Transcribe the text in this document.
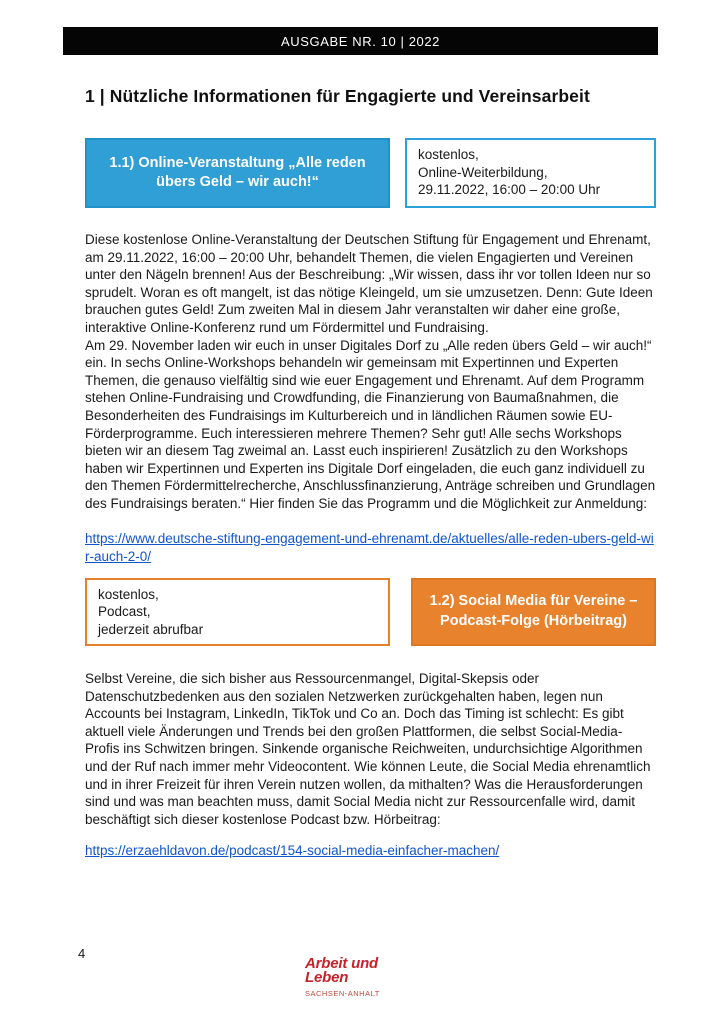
AUSGABE NR. 10 | 2022
1 | Nützliche Informationen für Engagierte und Vereinsarbeit
1.1) Online-Veranstaltung „Alle reden übers Geld – wir auch!“
kostenlos,
Online-Weiterbildung,
29.11.2022, 16:00 – 20:00 Uhr

Diese kostenlose Online-Veranstaltung der Deutschen Stiftung für Engagement und Ehrenamt, am 29.11.2022, 16:00 – 20:00 Uhr, behandelt Themen, die vielen Engagierten und Vereinen unter den Nägeln brennen! Aus der Beschreibung: „Wir wissen, dass ihr vor tollen Ideen nur so sprudelt. Woran es oft mangelt, ist das nötige Kleingeld, um sie umzusetzen. Denn: Gute Ideen brauchen gutes Geld! Zum zweiten Mal in diesem Jahr veranstalten wir daher eine große, interaktive Online-Konferenz rund um Fördermittel und Fundraising.

Am 29. November laden wir euch in unser Digitales Dorf zu „Alle reden übers Geld – wir auch!“ ein. In sechs Online-Workshops behandeln wir gemeinsam mit Expertinnen und Experten Themen, die genauso vielfältig sind wie euer Engagement und Ehrenamt. Auf dem Programm stehen Online-Fundraising und Crowdfunding, die Finanzierung von Baumaßnahmen, die Besonderheiten des Fundraisings im Kulturbereich und in ländlichen Räumen sowie EU-Förderprogramme. Euch interessieren mehrere Themen? Sehr gut! Alle sechs Workshops bieten wir an diesem Tag zweimal an. Lasst euch inspirieren! Zusätzlich zu den Workshops haben wir Expertinnen und Experten ins Digitale Dorf eingeladen, die euch ganz individuell zu den Themen Fördermittelrecherche, Anschlussfinanzierung, Anträge schreiben und Grundlagen des Fundraisings beraten.“ Hier finden Sie das Programm und die Möglichkeit zur Anmeldung:

https://www.deutsche-stiftung-engagement-und-ehrenamt.de/aktuelles/alle-reden-ubers-geld-wir-auch-2-0/
kostenlos,
Podcast,
jederzeit abrufbar
1.2) Social Media für Vereine – Podcast-Folge (Hörbeitrag)

Selbst Vereine, die sich bisher aus Ressourcenmangel, Digital-Skepsis oder Datenschutzbedenken aus den sozialen Netzwerken zurückgehalten haben, legen nun Accounts bei Instagram, LinkedIn, TikTok und Co an. Doch das Timing ist schlecht: Es gibt aktuell viele Änderungen und Trends bei den großen Plattformen, die selbst Social-Media-Profis ins Schwitzen bringen. Sinkende organische Reichweiten, undurchsichtige Algorithmen und der Ruf nach immer mehr Videocontent. Wie können Leute, die Social Media ehrenamtlich und in ihrer Freizeit für ihren Verein nutzen wollen, da mithalten? Was die Herausforderungen sind und was man beachten muss, damit Social Media nicht zur Ressourcenfalle wird, damit beschäftigt sich dieser kostenlose Podcast bzw. Hörbeitrag:

https://erzaehldavon.de/podcast/154-social-media-einfacher-machen/
4
Arbeit und
Leben
SACHSEN-ANHALT
